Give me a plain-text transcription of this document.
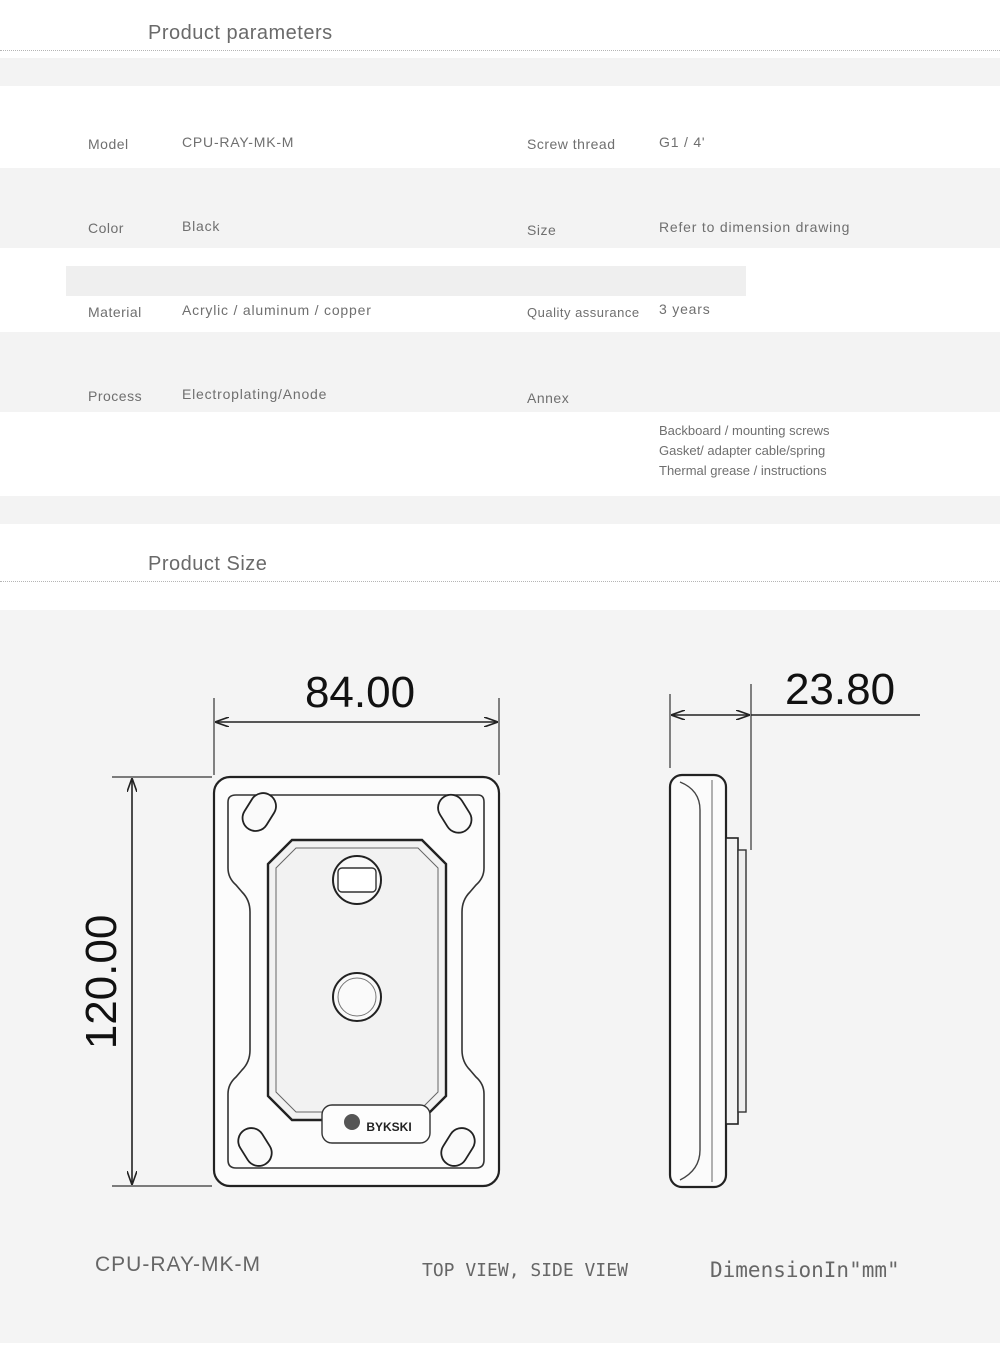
Product parameters
Model	CPU-RAY-MK-M	Screw thread	G1 / 4'
Color	Black	Size	Refer to dimension drawing
Material	Acrylic / aluminum / copper	Quality assurance 3 years
Process	Electroplating/Anode	Annex
Backboard / mounting screws
Gasket/ adapter cable/spring
Thermal grease / instructions
Product Size
84.00
120.00
23.80
BYKSKI
CPU-RAY-MK-M	TOP VIEW, SIDE VIEW	DimensionIn"mm"
